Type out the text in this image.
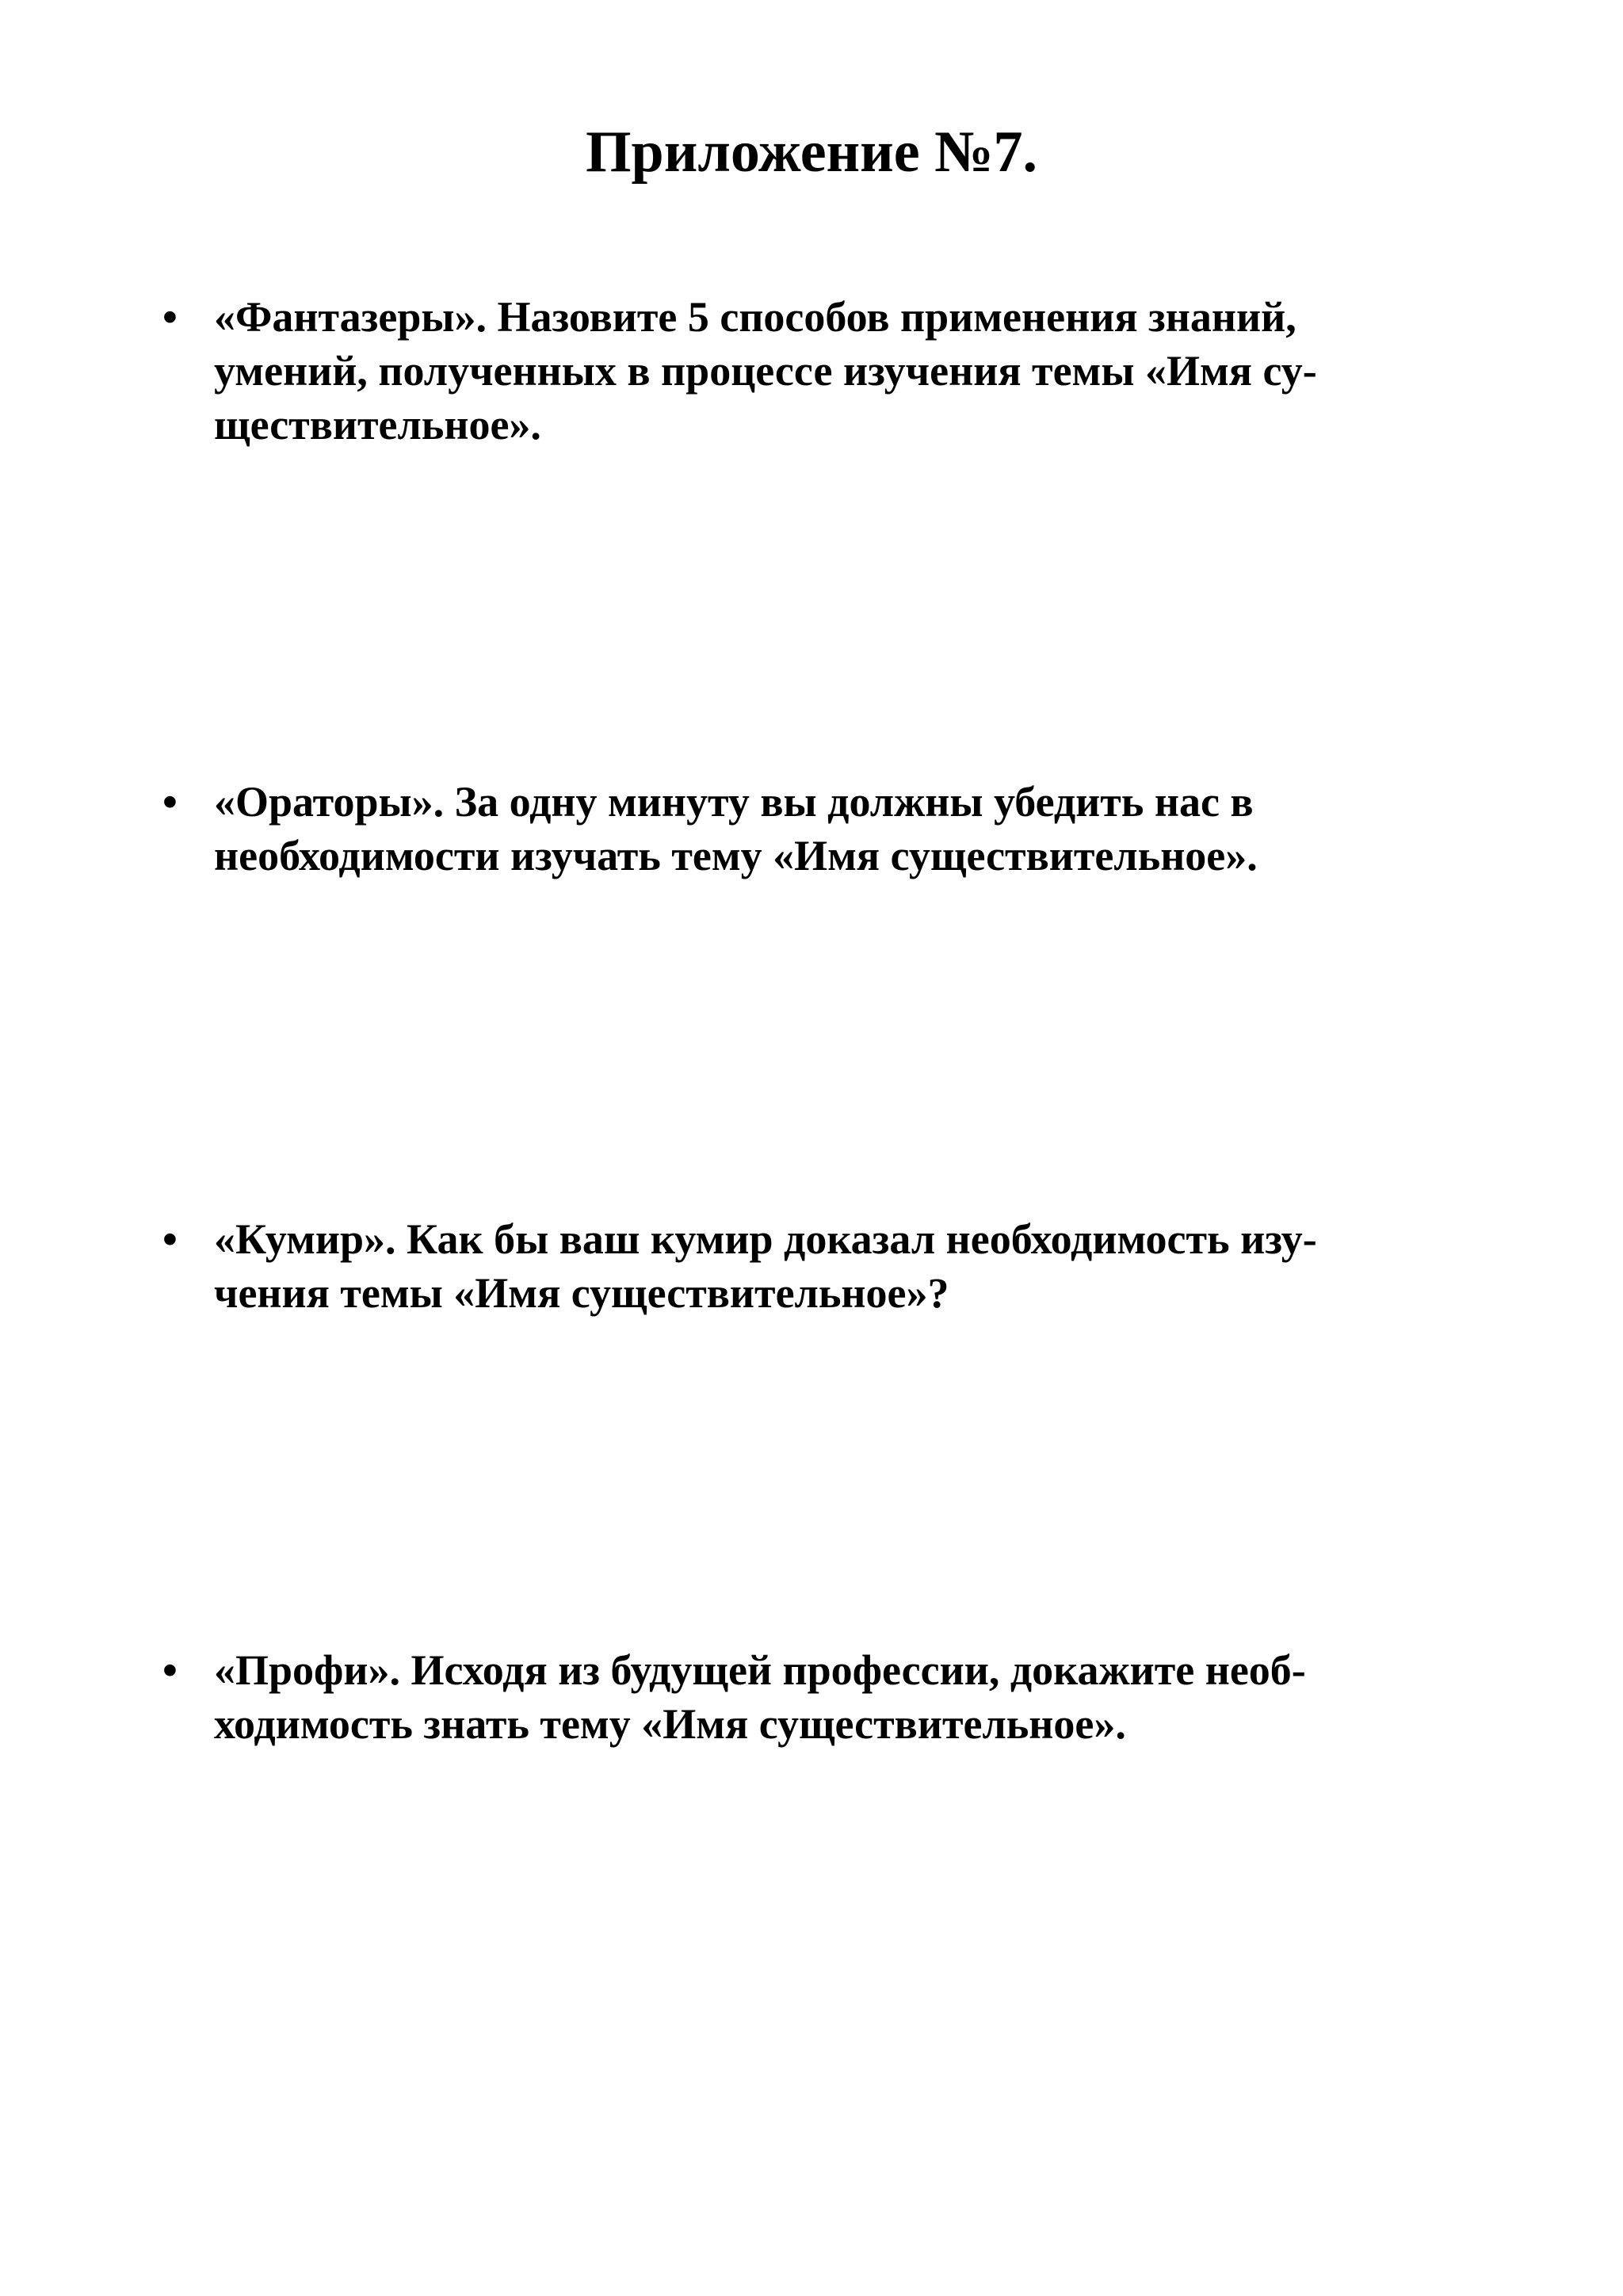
Приложение №7.
• «Фантазеры». Назовите 5 способов применения знаний,
умений, полученных в процессе изучения темы «Имя су-
ществительное».

• «Ораторы». За одну минуту вы должны убедить нас в
необходимости изучать тему «Имя существительное».

• «Кумир». Как бы ваш кумир доказал необходимость изу-
чения темы «Имя существительное»?

• «Профи». Исходя из будущей профессии, докажите необ-
ходимость знать тему «Имя существительное».
